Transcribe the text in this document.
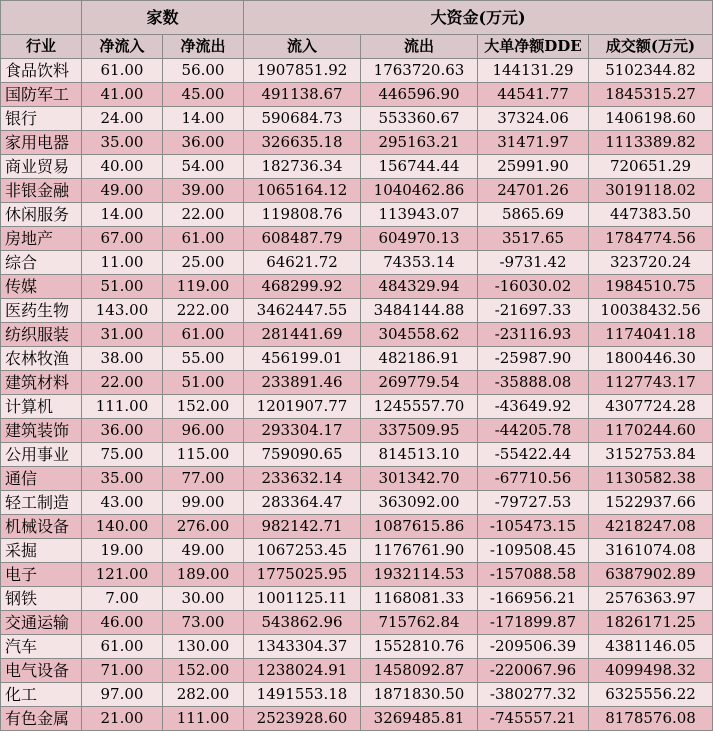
	家数		大资金(万元)			
行业	净流入	净流出	流入	流出	大单净额DDE	成交额(万元)
食品饮料	61.00	56.00	1907851.92	1763720.63	144131.29	5102344.82
国防军工	41.00	45.00	491138.67	446596.90	44541.77	1845315.27
银行	24.00	14.00	590684.73	553360.67	37324.06	1406198.60
家用电器	35.00	36.00	326635.18	295163.21	31471.97	1113389.82
商业贸易	40.00	54.00	182736.34	156744.44	25991.90	720651.29
非银金融	49.00	39.00	1065164.12	1040462.86	24701.26	3019118.02
休闲服务	14.00	22.00	119808.76	113943.07	5865.69	447383.50
房地产	67.00	61.00	608487.79	604970.13	3517.65	1784774.56
综合	11.00	25.00	64621.72	74353.14	-9731.42	323720.24
传媒	51.00	119.00	468299.92	484329.94	-16030.02	1984510.75
医药生物	143.00	222.00	3462447.55	3484144.88	-21697.33	10038432.56
纺织服装	31.00	61.00	281441.69	304558.62	-23116.93	1174041.18
农林牧渔	38.00	55.00	456199.01	482186.91	-25987.90	1800446.30
建筑材料	22.00	51.00	233891.46	269779.54	-35888.08	1127743.17
计算机	111.00	152.00	1201907.77	1245557.70	-43649.92	4307724.28
建筑装饰	36.00	96.00	293304.17	337509.95	-44205.78	1170244.60
公用事业	75.00	115.00	759090.65	814513.10	-55422.44	3152753.84
通信	35.00	77.00	233632.14	301342.70	-67710.56	1130582.38
轻工制造	43.00	99.00	283364.47	363092.00	-79727.53	1522937.66
机械设备	140.00	276.00	982142.71	1087615.86	-105473.15	4218247.08
采掘	19.00	49.00	1067253.45	1176761.90	-109508.45	3161074.08
电子	121.00	189.00	1775025.95	1932114.53	-157088.58	6387902.89
钢铁	7.00	30.00	1001125.11	1168081.33	-166956.21	2576363.97
交通运输	46.00	73.00	543862.96	715762.84	-171899.87	1826171.25
汽车	61.00	130.00	1343304.37	1552810.76	-209506.39	4381146.05
电气设备	71.00	152.00	1238024.91	1458092.87	-220067.96	4099498.32
化工	97.00	282.00	1491553.18	1871830.50	-380277.32	6325556.22
有色金属	21.00	111.00	2523928.60	3269485.81	-745557.21	8178576.08
